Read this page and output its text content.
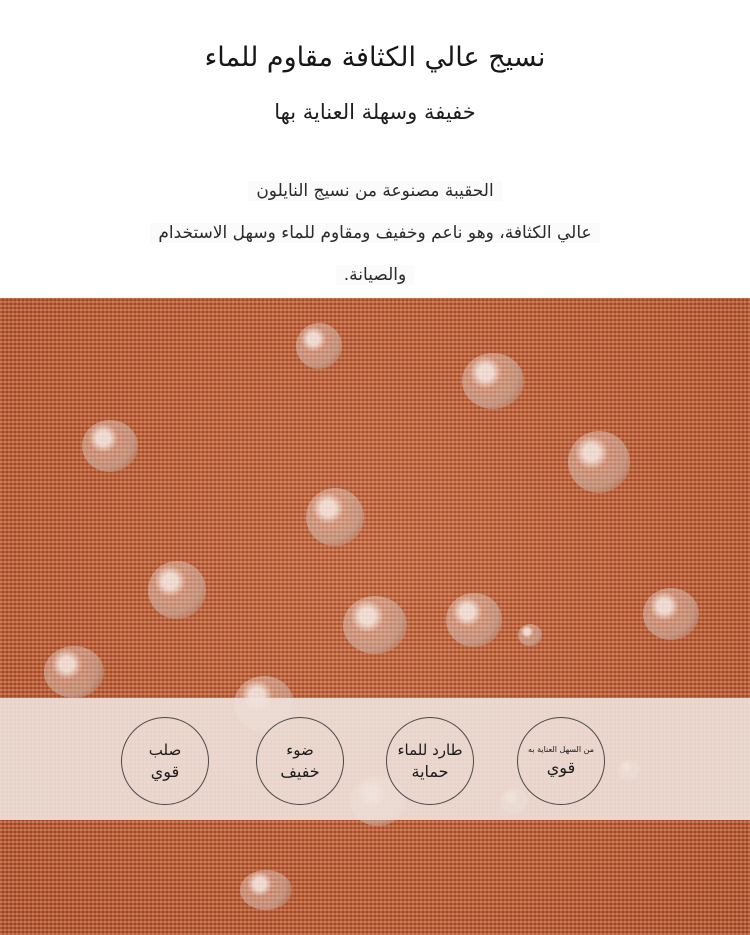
نسيج عالي الكثافة مقاوم للماء
خفيفة وسهلة العناية بها
الحقيبة مصنوعة من نسيج النايلون
عالي الكثافة، وهو ناعم وخفيف ومقاوم للماء وسهل الاستخدام
والصيانة.
صلب
قوي
ضوء
خفيف
طارد للماء
حماية
من السهل العناية به
قوي
